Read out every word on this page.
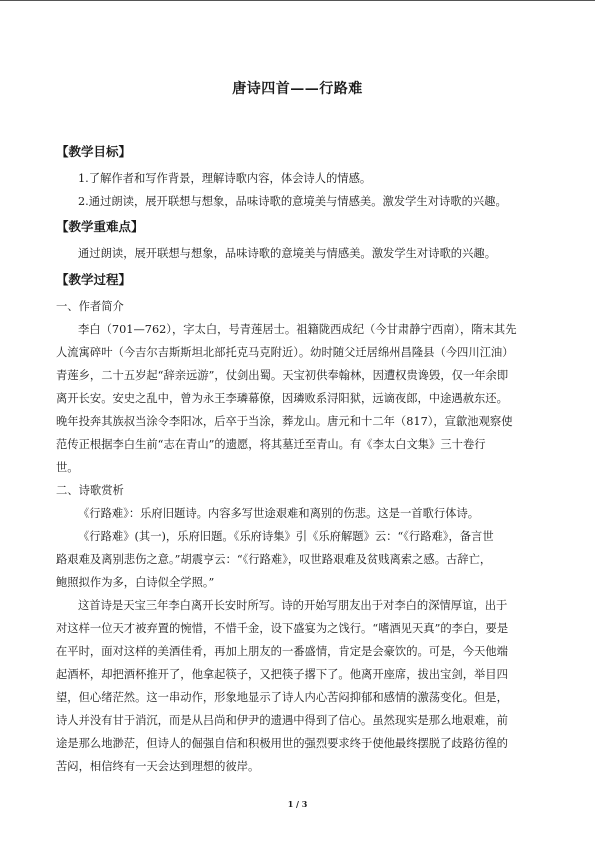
唐诗四首——行路难
【教学目标】
1.了解作者和写作背景，理解诗歌内容，体会诗人的情感。
2.通过朗读，展开联想与想象，品味诗歌的意境美与情感美。激发学生对诗歌的兴趣。
【教学重难点】
通过朗读，展开联想与想象，品味诗歌的意境美与情感美。激发学生对诗歌的兴趣。
【教学过程】
一、作者简介
李白（701—762），字太白，号青莲居士。祖籍陇西成纪（今甘肃静宁西南），隋末其先
人流寓碎叶（今吉尔吉斯斯坦北部托克马克附近）。幼时随父迁居绵州昌隆县（今四川江油）
青莲乡，二十五岁起“辞亲远游”，仗剑出蜀。天宝初供奉翰林，因遭权贵谗毁，仅一年余即
离开长安。安史之乱中，曾为永王李璘幕僚，因璘败系浔阳狱，远谪夜郎，中途遇赦东还。
晚年投奔其族叔当涂令李阳冰，后卒于当涂，葬龙山。唐元和十二年（817），宣歙池观察使
范传正根据李白生前“志在青山”的遗愿，将其墓迁至青山。有《李太白文集》三十卷行
世。
二、诗歌赏析
《行路难》：乐府旧题诗。内容多写世途艰难和离别的伤悲。这是一首歌行体诗。
《行路难》(其一)，乐府旧题。《乐府诗集》引《乐府解题》云：“《行路难》，备言世
路艰难及离别悲伤之意。”胡震亨云：“《行路难》，叹世路艰难及贫贱离索之感。古辞亡，
鲍照拟作为多，白诗似全学照。”
这首诗是天宝三年李白离开长安时所写。诗的开始写朋友出于对李白的深情厚谊，出于
对这样一位天才被弃置的惋惜，不惜千金，设下盛宴为之饯行。“嗜酒见天真”的李白，要是
在平时，面对这样的美酒佳肴，再加上朋友的一番盛情，肯定是会豪饮的。可是，今天他端
起酒杯，却把酒杯推开了，他拿起筷子，又把筷子撂下了。他离开座席，拔出宝剑，举目四
望，但心绪茫然。这一串动作，形象地显示了诗人内心苦闷抑郁和感情的激荡变化。但是，
诗人并没有甘于消沉，而是从吕尚和伊尹的遗遇中得到了信心。虽然现实是那么地艰难，前
途是那么地渺茫，但诗人的倔强自信和积极用世的强烈要求终于使他最终摆脱了歧路彷徨的
苦闷，相信终有一天会达到理想的彼岸。
1 / 3
